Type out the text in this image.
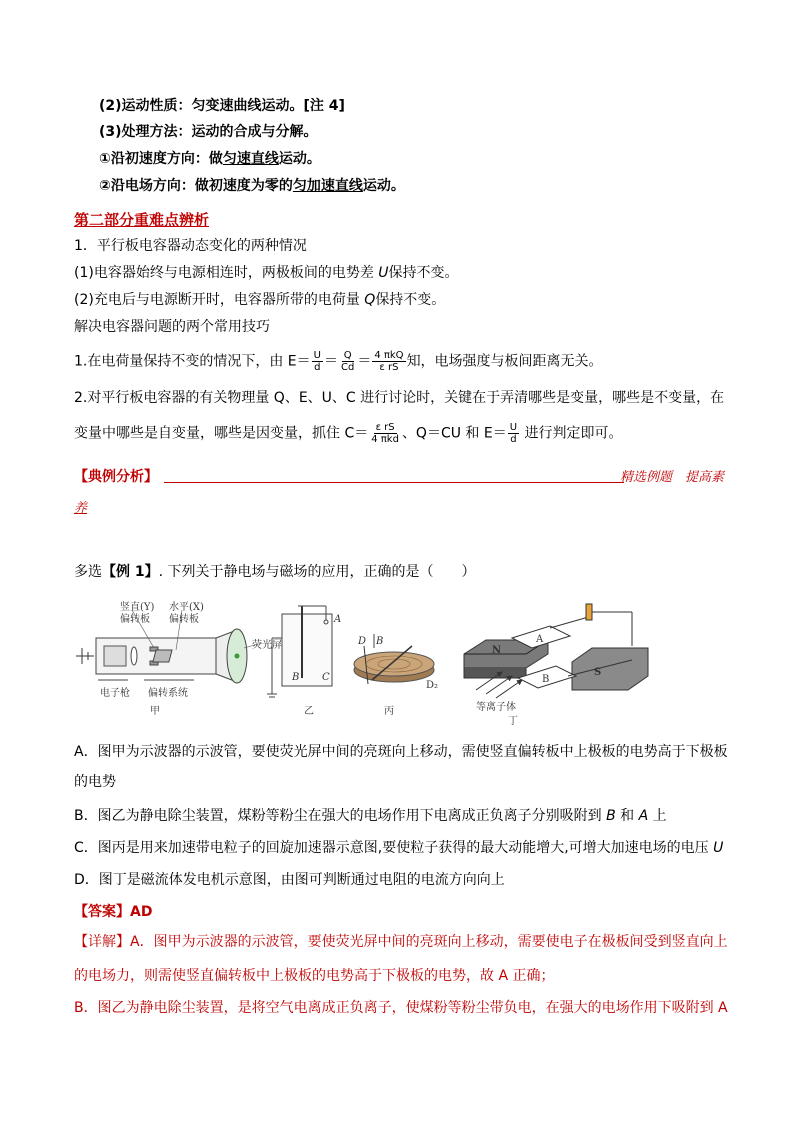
(2)运动性质：匀变速曲线运动。[注 4]
(3)处理方法：运动的合成与分解。
①沿初速度方向：做匀速直线运动。
②沿电场方向：做初速度为零的匀加速直线运动。
第二部分重难点辨析
1．平行板电容器动态变化的两种情况
(1)电容器始终与电源相连时，两极板间的电势差 U保持不变。
(2)充电后与电源断开时，电容器所带的电荷量 Q保持不变。
解决电容器问题的两个常用技巧
1.在电荷量保持不变的情况下，由 $E= \frac{U}{d} = \frac{Q}{Cd} = \frac{\text{4 πkQ}}{\text{ε rS}}$ 知，电场强度与板间距离无关。
2.对平行板电容器的有关物理量 Q、E、U、C 进行讨论时，关键在于弄清哪些是变量，哪些是不变量，在
变量中哪些是自变量，哪些是因变量，抓住 $C= \frac{\text{ε rS}}{\text{4 πkd}}$ 、Q＝CU 和 $E= \frac{U}{d}$ 进行判定即可。
【典例分析】	精选例题　提高素
养
多选【例 1】. 下列关于静电场与磁场的应用，正确的是（　　）
竖直(Y)
偏转板
水平(X)
偏转板
荧光屏
电子枪 偏转系统
甲
A
B C
乙
D B
D₂
丙
N
S
A
B
等离子体
丁
A．图甲为示波器的示波管，要使荧光屏中间的亮斑向上移动，需使竖直偏转板中上极板的电势高于下极板
的电势
B．图乙为静电除尘装置，煤粉等粉尘在强大的电场作用下电离成正负离子分别吸附到 B 和 A 上
C．图丙是用来加速带电粒子的回旋加速器示意图,要使粒子获得的最大动能增大,可增大加速电场的电压 U
D．图丁是磁流体发电机示意图，由图可判断通过电阻的电流方向向上
【答案】AD
【详解】A．图甲为示波器的示波管，要使荧光屏中间的亮斑向上移动，需要使电子在极板间受到竖直向上
的电场力，则需使竖直偏转板中上极板的电势高于下极板的电势，故 A 正确；
B．图乙为静电除尘装置，是将空气电离成正负离子，使煤粉等粉尘带负电，在强大的电场作用下吸附到 A
